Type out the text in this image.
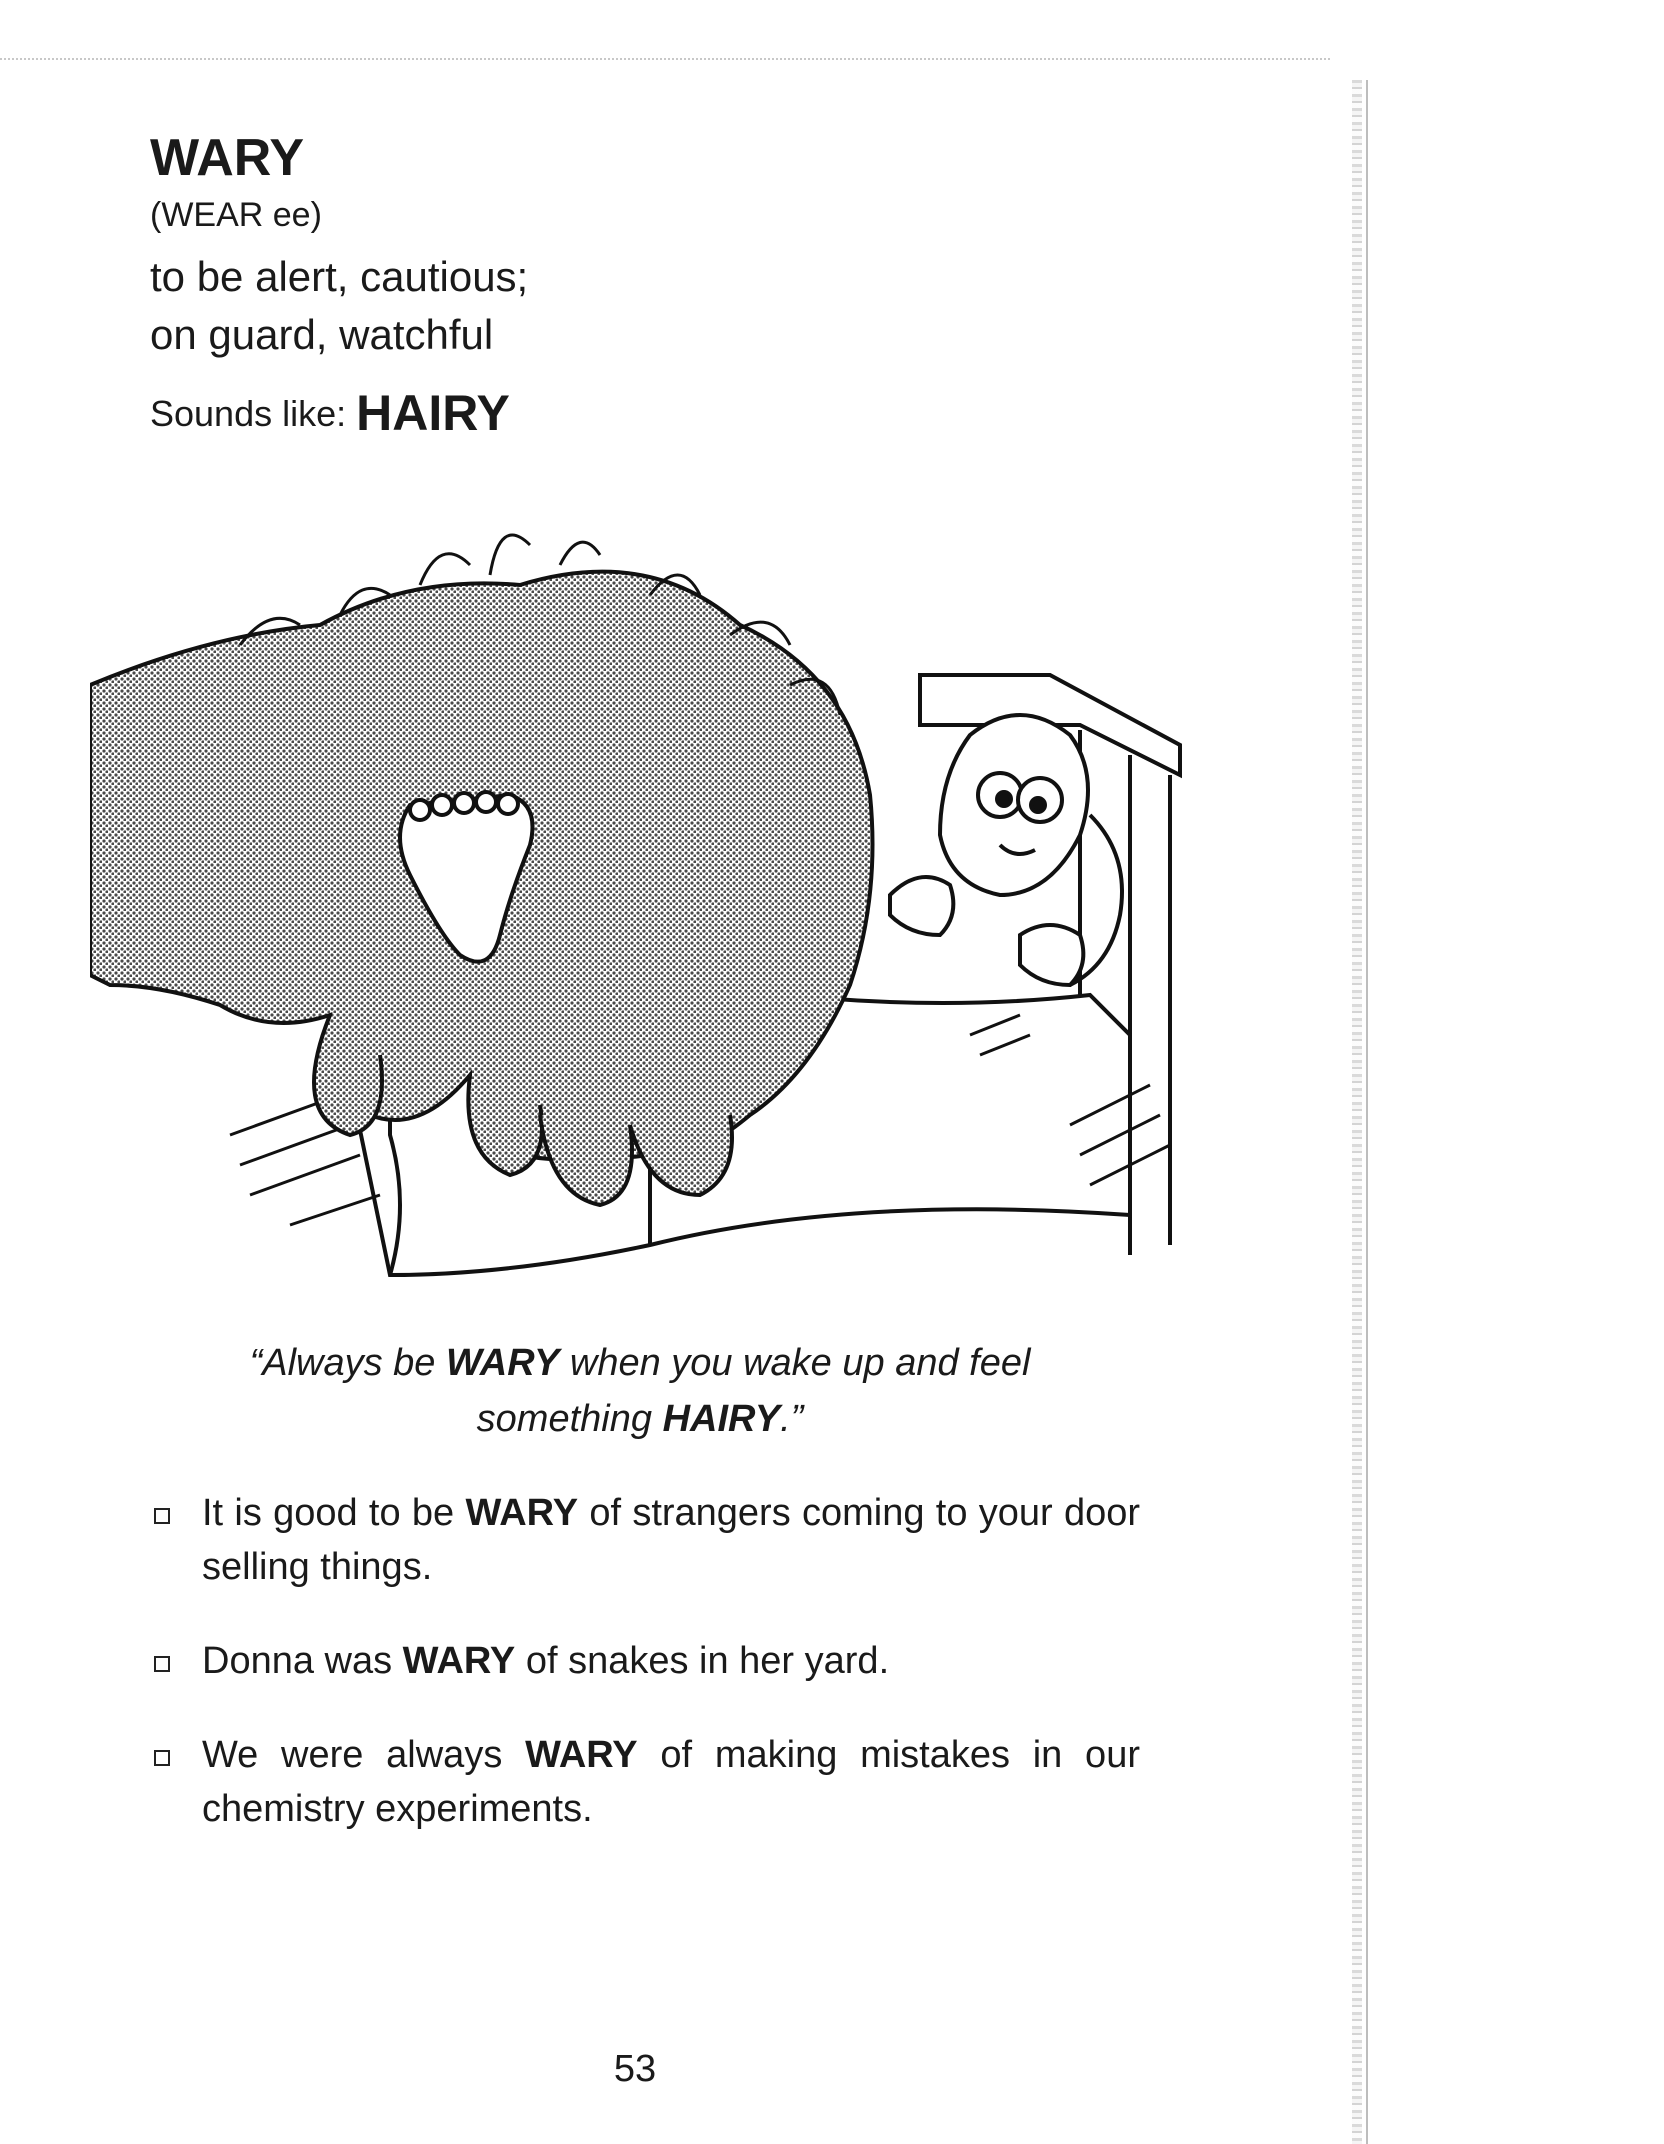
WARY
(WEAR ee)
to be alert, cautious;
on guard, watchful
Sounds like: HAIRY
“Always be WARY when you wake up and feel something HAIRY.”
It is good to be WARY of strangers coming to your door selling things.
Donna was WARY of snakes in her yard.
We were always WARY of making mistakes in our chemistry experiments.
53
